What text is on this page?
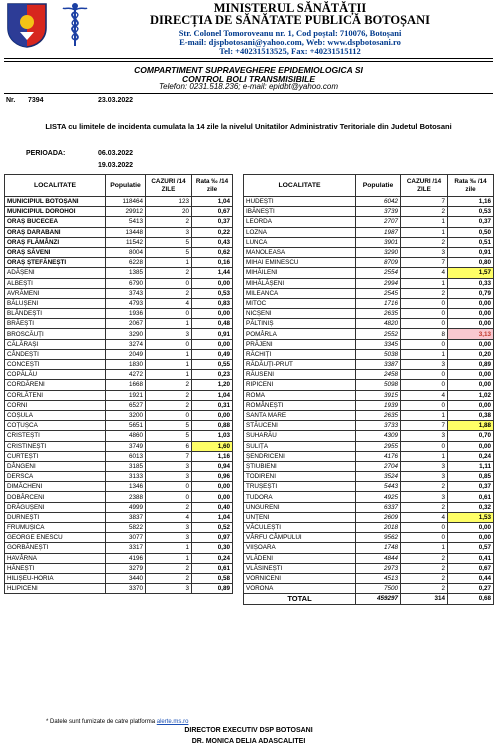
MINISTERUL SĂNĂTĂȚII
DIRECȚIA DE SĂNĂTATE PUBLICĂ BOTOȘANI
Str. Colonel Tomoroveanu nr. 1, Cod poștal: 710076, Botoșani
E-mail: djspbotosani@yahoo.com, Web: www.dspbotosani.ro
Tel: +40231513525, Fax: +40231515112
COMPARTIMENT SUPRAVEGHERE EPIDEMIOLOGICA SI
CONTROL BOLI TRANSMISIBILE
Telefon: 0231.518.236; e-mail: epidbt@yahoo.com
Nr. 7394	23.03.2022
LISTA cu limitele de incidenta cumulata la 14 zile la nivelul Unitatilor Administrativ Teritoriale din Judetul Botosani
PERIOADA:	06.03.2022
19.03.2022
LOCALITATE	Populatie	CAZURI /14 ZILE	Rata ‰ /14 zile
MUNICIPIUL BOTOȘANI	118464	123	1,04
MUNICIPIUL DOROHOI	29912	20	0,67
ORAȘ BUCECEA	5413	2	0,37
ORAȘ DARABANI	13448	3	0,22
ORAȘ FLĂMÂNZI	11542	5	0,43
ORAȘ SĂVENI	8004	5	0,62
ORAȘ ȘTEFĂNEȘTI	6228	1	0,16
ADĂȘENI	1385	2	1,44
ALBEȘTI	6790	0	0,00
AVRĂMENI	3743	2	0,53
BĂLUȘENI	4793	4	0,83
BLÂNDEȘTI	1936	0	0,00
BRĂEȘTI	2067	1	0,48
BROSCĂUȚI	3290	3	0,91
CĂLĂRAȘI	3274	0	0,00
CÂNDEȘTI	2049	1	0,49
CONCEȘTI	1830	1	0,55
COPĂLĂU	4272	1	0,23
CORDĂRENI	1668	2	1,20
CORLĂTENI	1921	2	1,04
CORNI	6527	2	0,31
COȘULA	3200	0	0,00
COȚUȘCA	5651	5	0,88
CRISTEȘTI	4860	5	1,03
CRISTINEȘTI	3749	6	1,60
CURTEȘTI	6013	7	1,16
DÂNGENI	3185	3	0,94
DERSCA	3133	3	0,96
DIMĂCHENI	1346	0	0,00
DOBÂRCENI	2388	0	0,00
DRĂGUȘENI	4999	2	0,40
DURNEȘTI	3837	4	1,04
FRUMUȘICA	5822	3	0,52
GEORGE ENESCU	3077	3	0,97
GORBĂNEȘTI	3317	1	0,30
HAVÂRNA	4196	1	0,24
HĂNEȘTI	3279	2	0,61
HILIȘEU-HORIA	3440	2	0,58
HLIPICENI	3370	3	0,89
LOCALITATE	Populatie	CAZURI /14 ZILE	Rata ‰ /14 zile
HUDEȘTI	6042	7	1,16
IBĂNEȘTI	3739	2	0,53
LEORDA	2707	1	0,37
LOZNA	1987	1	0,50
LUNCA	3901	2	0,51
MANOLEASA	3290	3	0,91
MIHAI EMINESCU	8709	7	0,80
MIHĂILENI	2554	4	1,57
MIHĂLĂȘENI	2994	1	0,33
MILEANCA	2545	2	0,79
MITOC	1716	0	0,00
NICȘENI	2635	0	0,00
PĂLTINIȘ	4820	0	0,00
POMÂRLA	2552	8	3,13
PRĂJENI	3345	0	0,00
RĂCHIȚI	5038	1	0,20
RĂDĂUȚI-PRUT	3387	3	0,89
RĂUSENI	2458	0	0,00
RIPICENI	5098	0	0,00
ROMA	3915	4	1,02
ROMÂNEȘTI	1939	0	0,00
SANTA MARE	2635	1	0,38
STĂUCENI	3733	7	1,88
SUHARĂU	4309	3	0,70
SULIȚA	2955	0	0,00
ȘENDRICENI	4176	1	0,24
ȘTIUBIENI	2704	3	1,11
TODIRENI	3524	3	0,85
TRUȘEȘTI	5443	2	0,37
TUDORA	4925	3	0,61
UNGURENI	6337	2	0,32
UNȚENI	2609	4	1,53
VĂCULEȘTI	2018	0	0,00
VÂRFU CÂMPULUI	9562	0	0,00
VIIȘOARA	1748	1	0,57
VLĂDENI	4844	2	0,41
VLĂSINEȘTI	2973	2	0,67
VORNICENI	4513	2	0,44
VORONA	7500	2	0,27
TOTAL	459297	314	0,68
* Datele sunt furnizate de catre platforma alerte.ms.ro
DIRECTOR EXECUTIV DSP BOTOSANI
DR. MONICA DELIA ADASCALITEI
